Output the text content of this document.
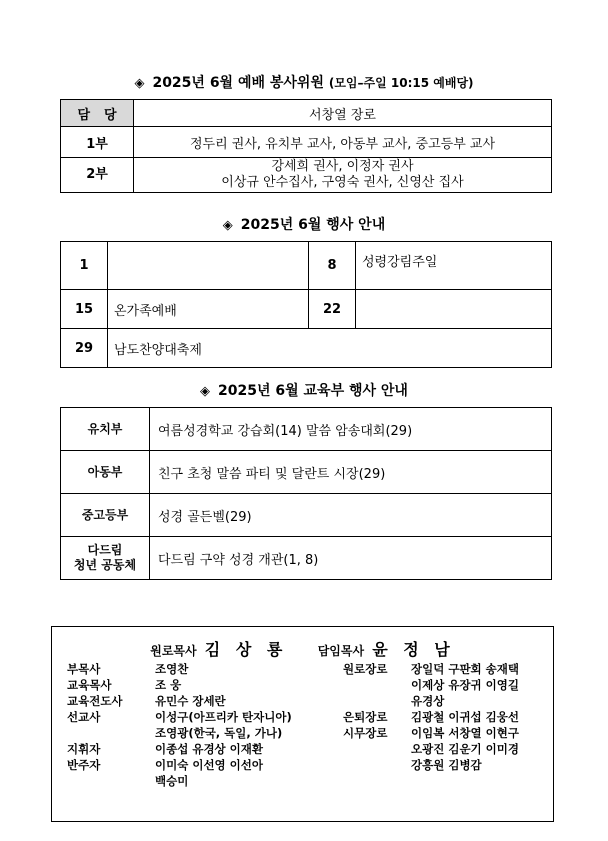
◈ 2025년 6월 예배 봉사위원 (모임–주일 10:15 예배당)
담당	서창열 장로
1부	정두리 권사, 유치부 교사, 아동부 교사, 중고등부 교사
2부	강세희 권사, 이정자 권사
이상규 안수집사, 구영숙 권사, 신영산 집사
◈ 2025년 6월 행사 안내
1		8	성령강림주일
15	온가족예배	22	
29	남도찬양대축제		
◈ 2025년 6월 교육부 행사 안내
유치부	여름성경학교 강습회(14) 말씀 암송대회(29)
아동부	친구 초청 말씀 파티 및 달란트 시장(29)
중고등부	성경 골든벨(29)

다드림
청년 공동체	다드림 구약 성경 개관(1, 8)
원로목사 김 상 룡	담임목사 윤 정 남
부목사	조영찬
교육목사	조 웅
교육전도사	유민수 장세란
선교사	이성구(아프리카 탄자니아)
조영광(한국, 독일, 가나)
지휘자	이종섭 유경상 이재환
반주자	이미숙 이선영 이선아
백승미
원로장로 장일덕 구판회 송재택
이제상 유장귀 이영길
유경상
은퇴장로 김광철 이귀섭 김웅선
시무장로 이임복 서창열 이현구
오광진 김운기 이미경
강흥원 김병감
